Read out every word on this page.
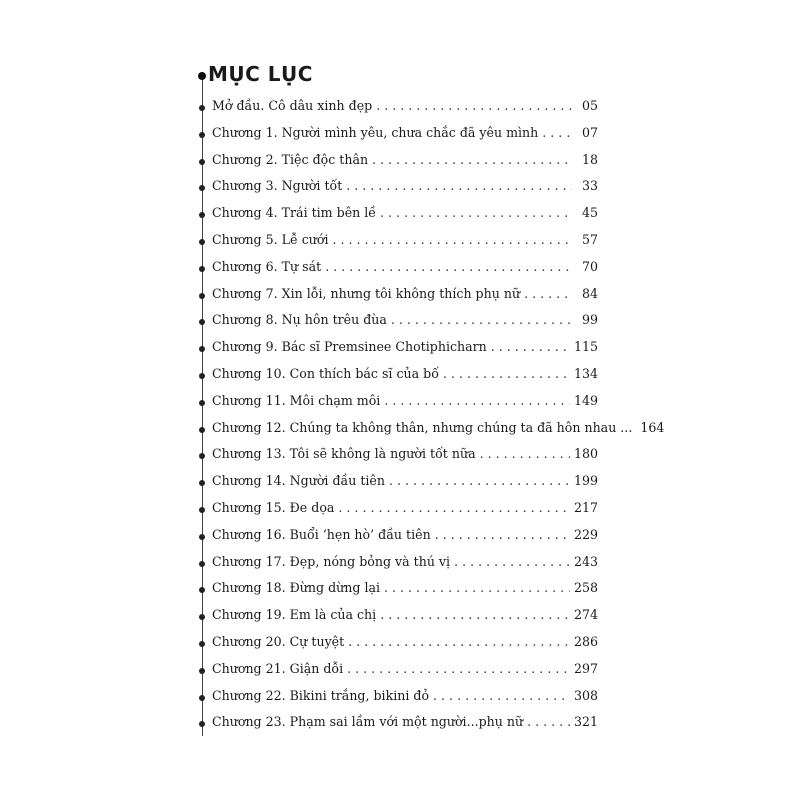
MỤC LỤC
Mở đầu. Cô dâu xinh đẹp . . .	05
Chương 1. Người mình yêu, chưa chắc đã yêu mình . . .	07
Chương 2. Tiệc độc thân . . .	18
Chương 3. Người tốt . . .	33
Chương 4. Trái tim bên lề . . .	45
Chương 5. Lễ cưới . . .	57
Chương 6. Tự sát . . .	70
Chương 7. Xin lỗi, nhưng tôi không thích phụ nữ . . .	84
Chương 8. Nụ hôn trêu đùa . . .	99
Chương 9. Bác sĩ Premsinee Chotiphicharn . . .	115
Chương 10. Con thích bác sĩ của bố . . .	134
Chương 11. Môi chạm môi . . .	149
Chương 12. Chúng ta không thân, nhưng chúng ta đã hôn nhau ... 164
Chương 13. Tôi sẽ không là người tốt nữa . . .	180
Chương 14. Người đầu tiên . . .	199
Chương 15. Đe dọa . . .	217
Chương 16. Buổi ‘hẹn hò’ đầu tiên . . .	229
Chương 17. Đẹp, nóng bỏng và thú vị . . .	243
Chương 18. Đừng dừng lại . . .	258
Chương 19. Em là của chị . . .	274
Chương 20. Cự tuyệt . . .	286
Chương 21. Giận dỗi . . .	297
Chương 22. Bikini trắng, bikini đỏ . . .	308
Chương 23. Phạm sai lầm với một người...phụ nữ . . .	321
